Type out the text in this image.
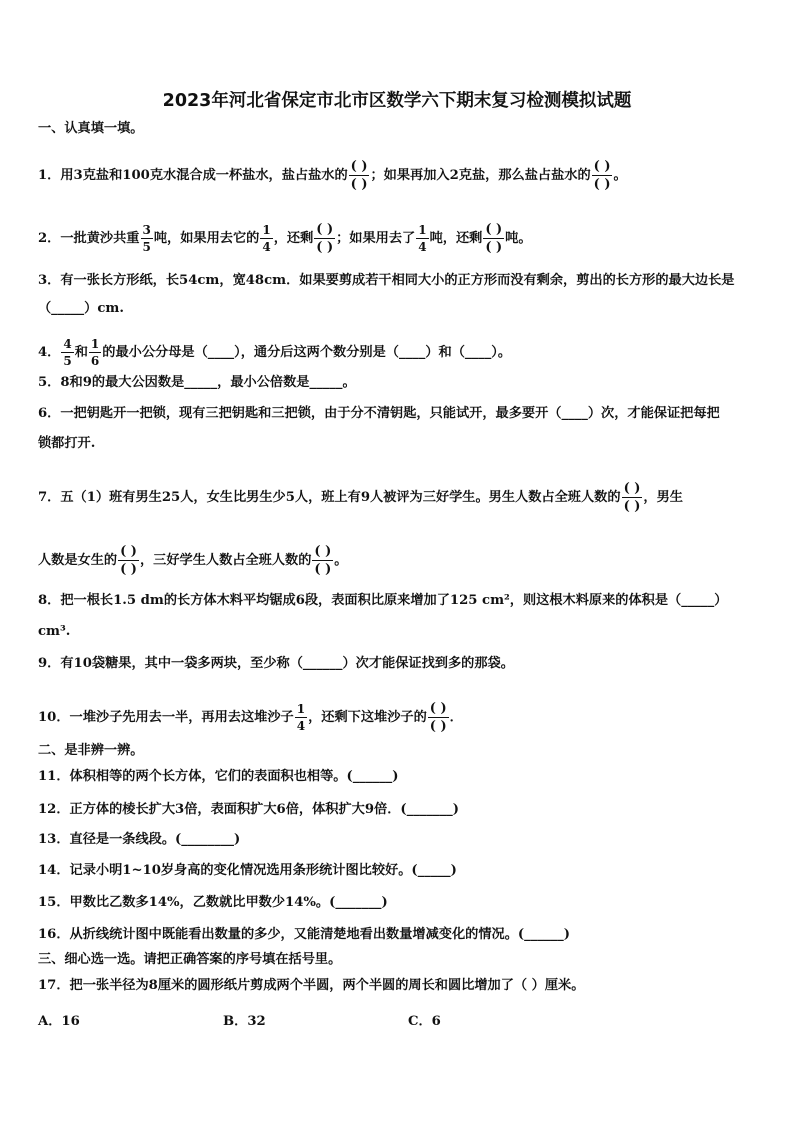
2023年河北省保定市北市区数学六下期末复习检测模拟试题
一、认真填一填。
1．用3克盐和100克水混合成一杯盐水，盐占盐水的 $\frac{( )}{( )}$ ；如果再加入2克盐，那么盐占盐水的 $\frac{( )}{( )}$ 。
2．一批黄沙共重 $\frac{3}{5}$ 吨，如果用去它的 $\frac{1}{4}$ ，还剩 $\frac{( )}{( )}$ ；如果用去了 $\frac{1}{4}$ 吨，还剩 $\frac{( )}{( )}$ 吨。
3．有一张长方形纸，长54cm，宽48cm．如果要剪成若干相同大小的正方形而没有剩余，剪出的长方形的最大边长是
（_____）cm.
4． $\frac{4}{5}$ 和 $\frac{1}{6}$ 的最小公分母是（____），通分后这两个数分别是（____）和（____）。
5．8和9的最大公因数是_____，最小公倍数是_____。
6．一把钥匙开一把锁，现有三把钥匙和三把锁，由于分不清钥匙，只能试开，最多要开（____）次，才能保证把每把
锁都打开.
7．五（1）班有男生25人，女生比男生少5人，班上有9人被评为三好学生。男生人数占全班人数的 $\frac{( )}{( )}$ ，男生
人数是女生的 $\frac{( )}{( )}$ ，三好学生人数占全班人数的 $\frac{( )}{( )}$ 。
8．把一根长1.5 dm的长方体木料平均锯成6段，表面积比原来增加了125 cm²，则这根木料原来的体积是（_____）
cm³.
9．有10袋糖果，其中一袋多两块，至少称（______）次才能保证找到多的那袋。
10．一堆沙子先用去一半，再用去这堆沙子 $\frac{1}{4}$ ，还剩下这堆沙子的 $\frac{( )}{( )}$ ．
二、是非辨一辨。
11．体积相等的两个长方体，它们的表面积也相等。(______)
12．正方体的棱长扩大3倍，表面积扩大6倍，体积扩大9倍．(_______)
13．直径是一条线段。(________)
14．记录小明1~10岁身高的变化情况选用条形统计图比较好。(_____)
15．甲数比乙数多14%，乙数就比甲数少14%。(_______)
16．从折线统计图中既能看出数量的多少，又能清楚地看出数量增减变化的情况。(______)
三、细心选一选。请把正确答案的序号填在括号里。
17．把一张半径为8厘米的圆形纸片剪成两个半圆，两个半圆的周长和圆比增加了（ ）厘米。
A．16	B．32	C．6
